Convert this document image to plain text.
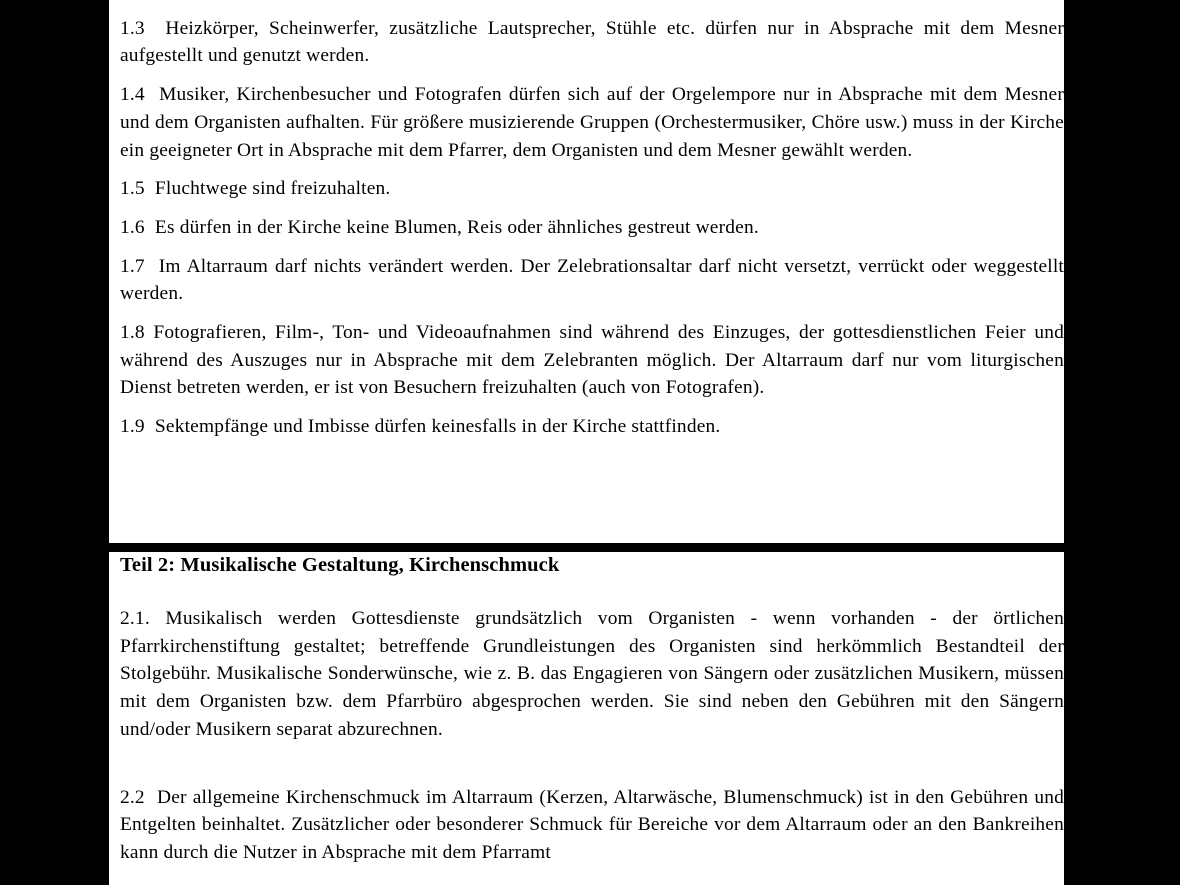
1.3 Heizkörper, Scheinwerfer, zusätzliche Lautsprecher, Stühle etc. dürfen nur in Absprache mit dem Mesner aufgestellt und genutzt werden.

1.4 Musiker, Kirchenbesucher und Fotografen dürfen sich auf der Orgelempore nur in Absprache mit dem Mesner und dem Organisten aufhalten. Für größere musizierende Gruppen (Orchestermusiker, Chöre usw.) muss in der Kirche ein geeigneter Ort in Absprache mit dem Pfarrer, dem Organisten und dem Mesner gewählt werden.

1.5 Fluchtwege sind freizuhalten.

1.6 Es dürfen in der Kirche keine Blumen, Reis oder ähnliches gestreut werden.

1.7 Im Altarraum darf nichts verändert werden. Der Zelebrationsaltar darf nicht versetzt, verrückt oder weggestellt werden.

1.8 Fotografieren, Film-, Ton- und Videoaufnahmen sind während des Einzuges, der gottesdienstlichen Feier und während des Auszuges nur in Absprache mit dem Zelebranten möglich. Der Altarraum darf nur vom liturgischen Dienst betreten werden, er ist von Besuchern freizuhalten (auch von Fotografen).

1.9 Sektempfänge und Imbisse dürfen keinesfalls in der Kirche stattfinden.

Teil 2: Musikalische Gestaltung, Kirchenschmuck

2.1. Musikalisch werden Gottesdienste grundsätzlich vom Organisten - wenn vorhanden - der örtlichen Pfarrkirchenstiftung gestaltet; betreffende Grundleistungen des Organisten sind herkömmlich Bestandteil der Stolgebühr. Musikalische Sonderwünsche, wie z. B. das Engagieren von Sängern oder zusätzlichen Musikern, müssen mit dem Organisten bzw. dem Pfarrbüro abgesprochen werden. Sie sind neben den Gebühren mit den Sängern und/oder Musikern separat abzurechnen.

2.2 Der allgemeine Kirchenschmuck im Altarraum (Kerzen, Altarwäsche, Blumenschmuck) ist in den Gebühren und Entgelten beinhaltet. Zusätzlicher oder besonderer Schmuck für Bereiche vor dem Altarraum oder an den Bankreihen kann durch die Nutzer in Absprache mit dem Pfarramt
